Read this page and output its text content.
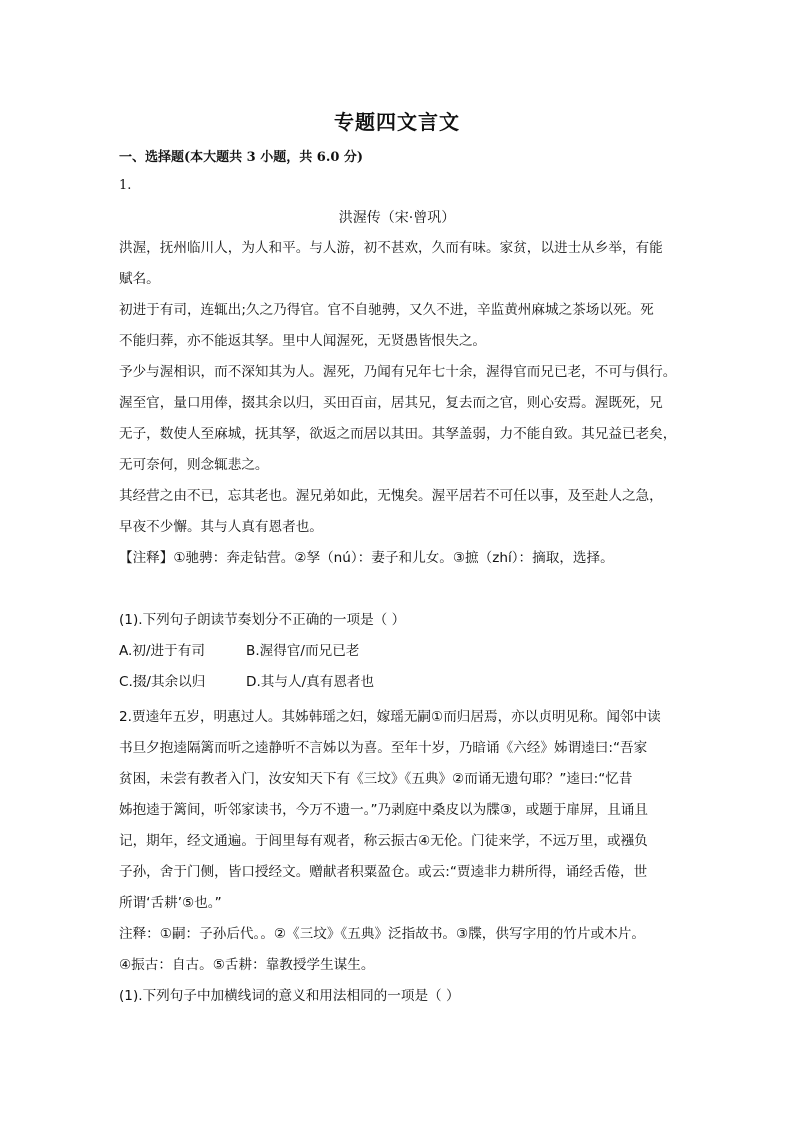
专题四文言文
一、选择题(本大题共 3 小题，共 6.0 分)
1.
洪渥传（宋·曾巩）
洪渥，抚州临川人，为人和平。与人游，初不甚欢，久而有味。家贫，以进士从乡举，有能
赋名。
初进于有司，连辄出;久之乃得官。官不自驰骋，又久不进，辛监黄州麻城之茶场以死。死
不能归葬，亦不能返其孥。里中人闻渥死，无贤愚皆恨失之。
予少与渥相识，而不深知其为人。渥死，乃闻有兄年七十余，渥得官而兄已老，不可与俱行。
渥至官，量口用俸，掇其余以归，买田百亩，居其兄，复去而之官，则心安焉。渥既死，兄
无子，数使人至麻城，抚其孥，欲返之而居以其田。其孥盖弱，力不能自致。其兄益已老矣，
无可奈何，则念辄悲之。
其经营之由不已，忘其老也。渥兄弟如此，无愧矣。渥平居若不可任以事，及至赴人之急，
早夜不少懈。其与人真有恩者也。
【注释】①驰骋：奔走钻营。②孥（nú）：妻子和儿女。③摭（zhí）：摘取，选择。
(1).下列句子朗读节奏划分不正确的一项是（ ）
A.初/进于有司	B.渥得官/而兄已老
C.掇/其余以归	D.其与人/真有恩者也
2.贾逵年五岁，明惠过人。其姊韩瑶之妇，嫁瑶无嗣①而归居焉，亦以贞明见称。闻邻中读
书旦夕抱逵隔篱而听之逵静听不言姊以为喜。至年十岁，乃暗诵《六经》姊谓逵曰:“吾家
贫困，未尝有教者入门，汝安知天下有《三坟》《五典》②而诵无遗句耶？”逵曰:“忆昔
姊抱逵于篱间，听邻家读书，今万不遗一。”乃剥庭中桑皮以为牒③，或题于扉屏，且诵且
记，期年，经文通遍。于闾里每有观者，称云振古④无伦。门徒来学，不远万里，或襁负
子孙，舍于门侧，皆口授经文。赠献者积粟盈仓。或云:“贾逵非力耕所得，诵经舌倦，世
所谓‘舌耕’⑤也。”
注释：①嗣：子孙后代。。②《三坟》《五典》泛指故书。③牒，供写字用的竹片或木片。
④振古：自古。⑤舌耕：靠教授学生谋生。
(1).下列句子中加横线词的意义和用法相同的一项是（ ）
